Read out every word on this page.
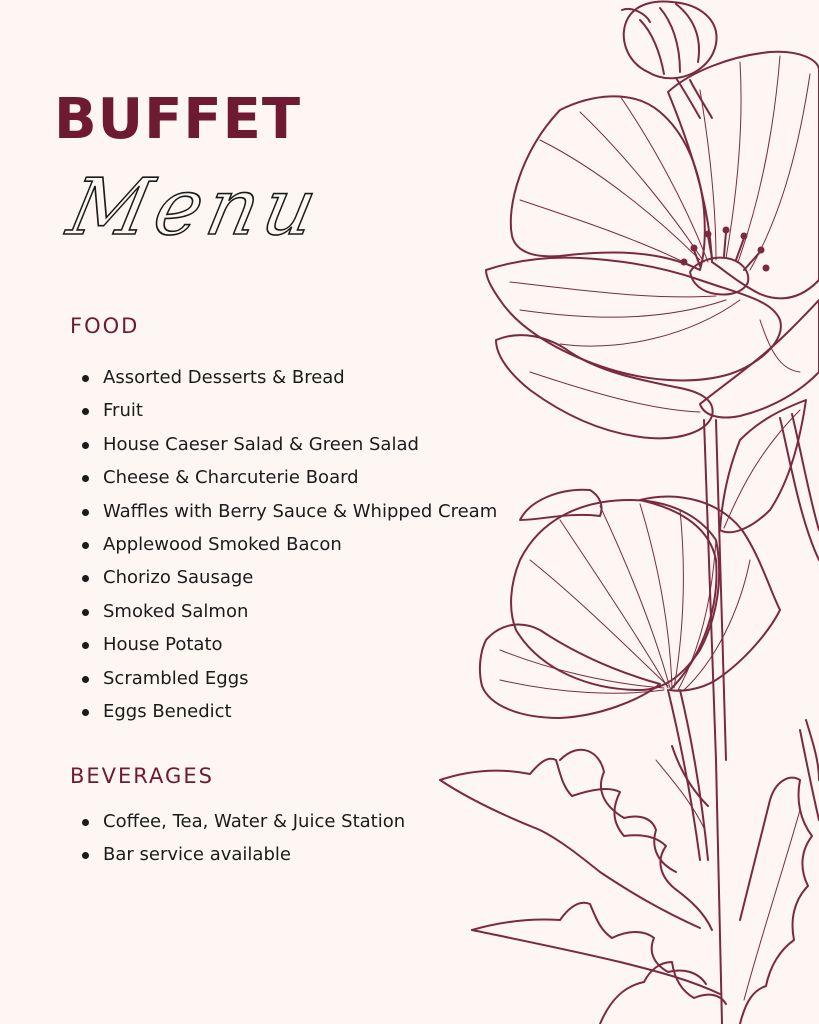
BUFFET
Menu
FOOD
Assorted Desserts & Bread
Fruit
House Caeser Salad & Green Salad
Cheese & Charcuterie Board
Waffles with Berry Sauce & Whipped Cream
Applewood Smoked Bacon
Chorizo Sausage
Smoked Salmon
House Potato
Scrambled Eggs
Eggs Benedict
BEVERAGES
Coffee, Tea, Water & Juice Station
Bar service available
